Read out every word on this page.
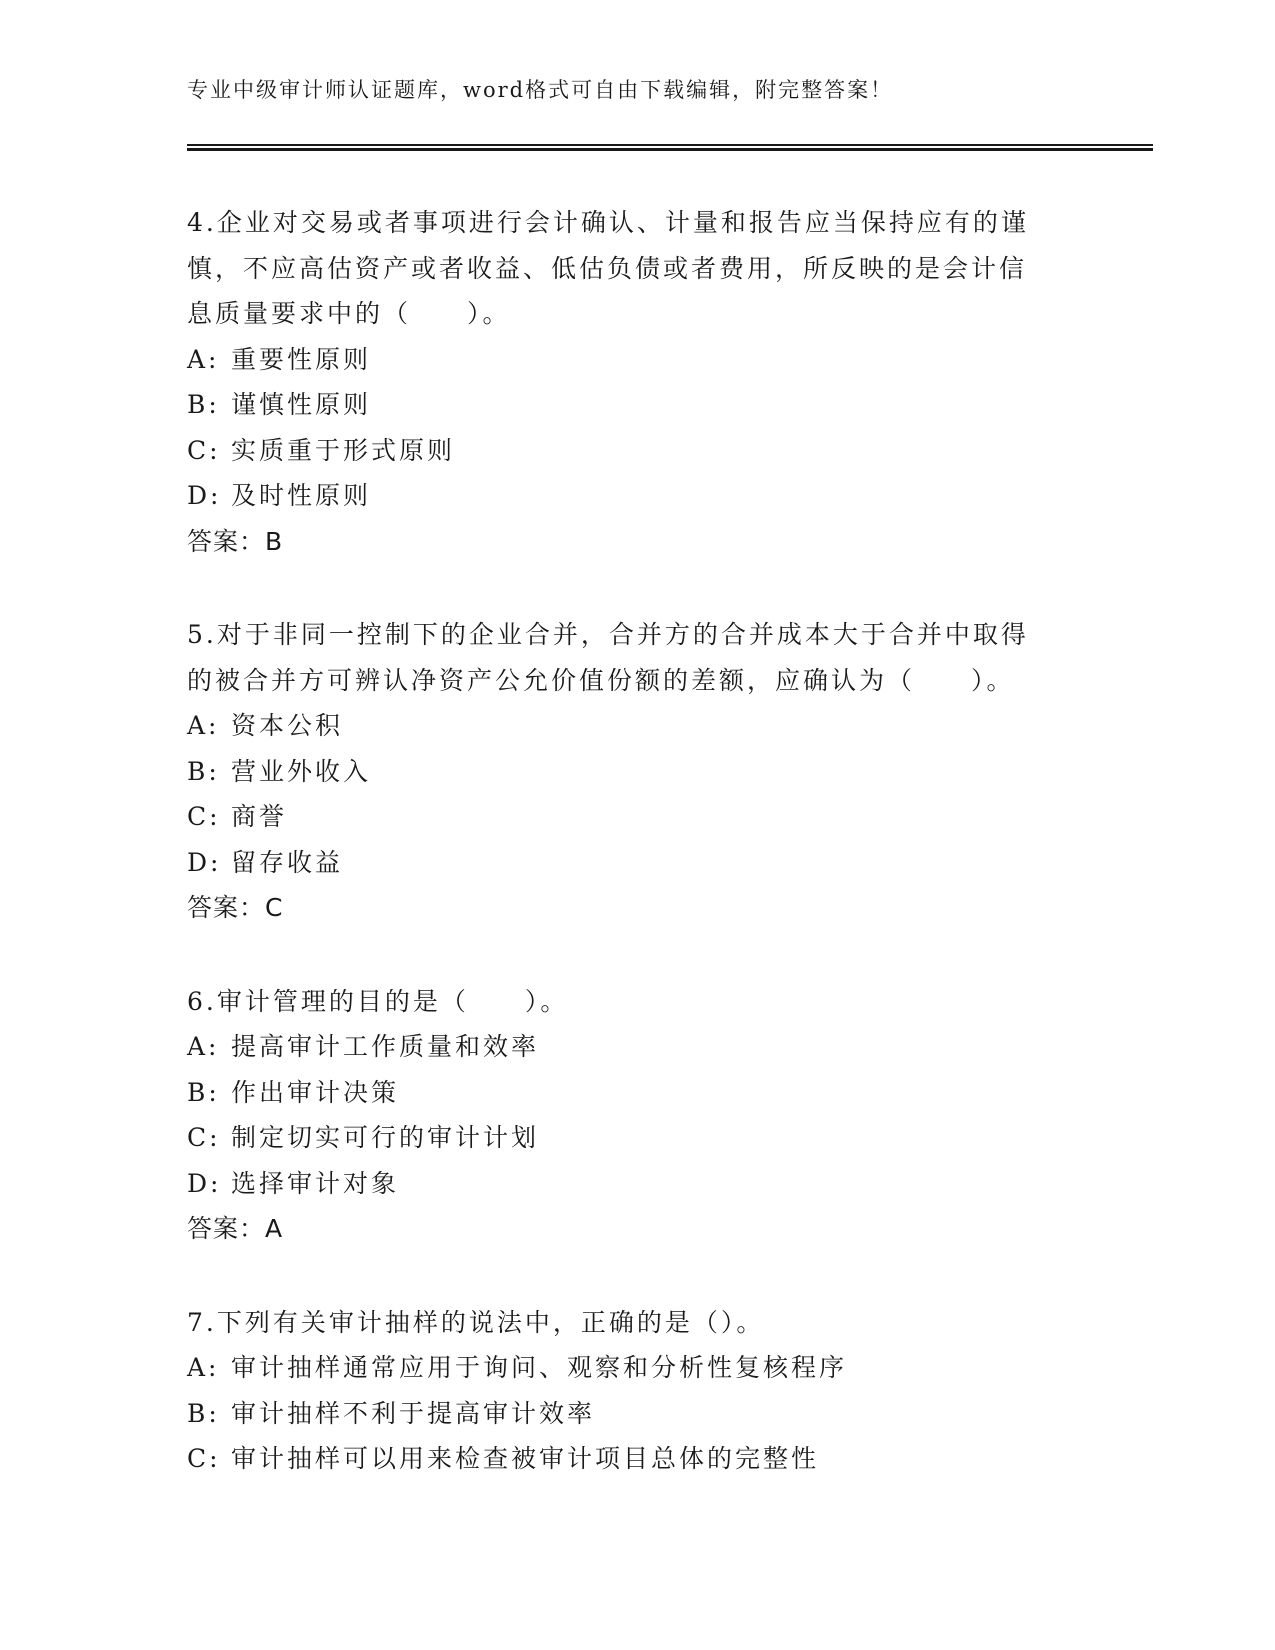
专业中级审计师认证题库，word格式可自由下载编辑，附完整答案！
4.企业对交易或者事项进行会计确认、计量和报告应当保持应有的谨
慎，不应高估资产或者收益、低估负债或者费用，所反映的是会计信
息质量要求中的（　　）。
A: 重要性原则
B: 谨慎性原则
C: 实质重于形式原则
D: 及时性原则
答案：B
5.对于非同一控制下的企业合并，合并方的合并成本大于合并中取得
的被合并方可辨认净资产公允价值份额的差额，应确认为（　　）。
A: 资本公积
B: 营业外收入
C: 商誉
D: 留存收益
答案：C
6.审计管理的目的是（　　）。
A: 提高审计工作质量和效率
B: 作出审计决策
C: 制定切实可行的审计计划
D: 选择审计对象
答案：A
7.下列有关审计抽样的说法中，正确的是（）。
A: 审计抽样通常应用于询问、观察和分析性复核程序
B: 审计抽样不利于提高审计效率
C: 审计抽样可以用来检查被审计项目总体的完整性
